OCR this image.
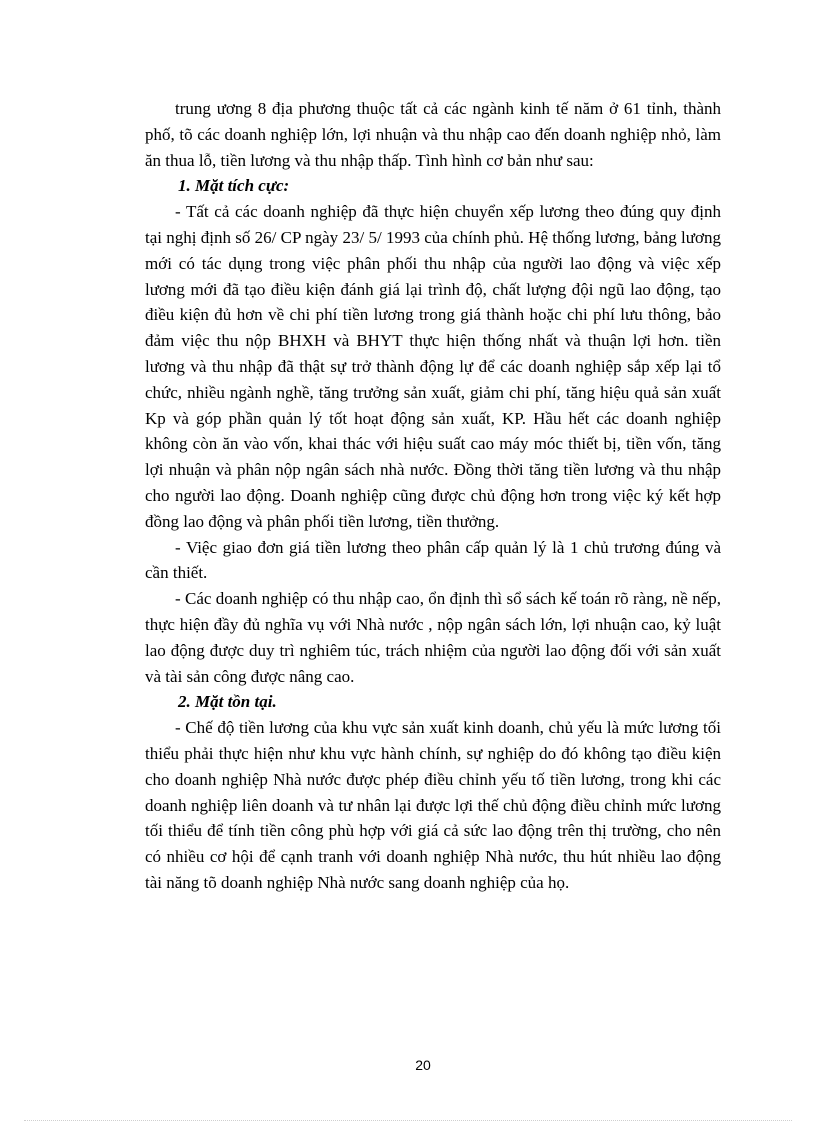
trung ương 8 địa phương thuộc tất cả các ngành kinh tế năm ở 61 tỉnh, thành phố, tõ các doanh nghiệp lớn, lợi nhuận và thu nhập cao đến doanh nghiệp nhỏ, làm ăn thua lỗ, tiền lương và thu nhập thấp. Tình hình cơ bản như sau:

1. Mặt tích cực:

- Tất cả các doanh nghiệp đã thực hiện chuyển xếp lương theo đúng quy định tại nghị định số 26/ CP ngày 23/ 5/ 1993 của chính phủ. Hệ thống lương, bảng lương mới có tác dụng trong việc phân phối thu nhập của người lao động và việc xếp lương mới đã tạo điều kiện đánh giá lại trình độ, chất lượng đội ngũ lao động, tạo điều kiện đủ hơn về chi phí tiền lương trong giá thành hoặc chi phí lưu thông, bảo đảm việc thu nộp BHXH và BHYT thực hiện thống nhất và thuận lợi hơn. tiền lương và thu nhập đã thật sự trở thành động lự để các doanh nghiệp sắp xếp lại tổ chức, nhiều ngành nghề, tăng trưởng sản xuất, giảm chi phí, tăng hiệu quả sản xuất Kp và góp phần quản lý tốt hoạt động sản xuất, KP. Hầu hết các doanh nghiệp không còn ăn vào vốn, khai thác với hiệu suất cao máy móc thiết bị, tiền vốn, tăng lợi nhuận và phân nộp ngân sách nhà nước. Đồng thời tăng tiền lương và thu nhập cho người lao động. Doanh nghiệp cũng được chủ động hơn trong việc ký kết hợp đồng lao động và phân phối tiền lương, tiền thưởng.

- Việc giao đơn giá tiền lương theo phân cấp quản lý là 1 chủ trương đúng và cần thiết.

- Các doanh nghiệp có thu nhập cao, ổn định thì sổ sách kế toán rõ ràng, nề nếp, thực hiện đầy đủ nghĩa vụ với Nhà nước , nộp ngân sách lớn, lợi nhuận cao, kỷ luật lao động được duy trì nghiêm túc, trách nhiệm của người lao động đối với sản xuất và tài sản công được nâng cao.

2. Mặt tồn tại.

- Chế độ tiền lương của khu vực sản xuất kinh doanh, chủ yếu là mức lương tối thiểu phải thực hiện như khu vực hành chính, sự nghiệp do đó không tạo điều kiện cho doanh nghiệp Nhà nước được phép điều chỉnh yếu tố tiền lương, trong khi các doanh nghiệp liên doanh và tư nhân lại được lợi thế chủ động điều chỉnh mức lương tối thiểu để tính tiền công phù hợp với giá cả sức lao động trên thị trường, cho nên có nhiều cơ hội để cạnh tranh với doanh nghiệp Nhà nước, thu hút nhiều lao động tài năng tõ doanh nghiệp Nhà nước sang doanh nghiệp của họ.

20
